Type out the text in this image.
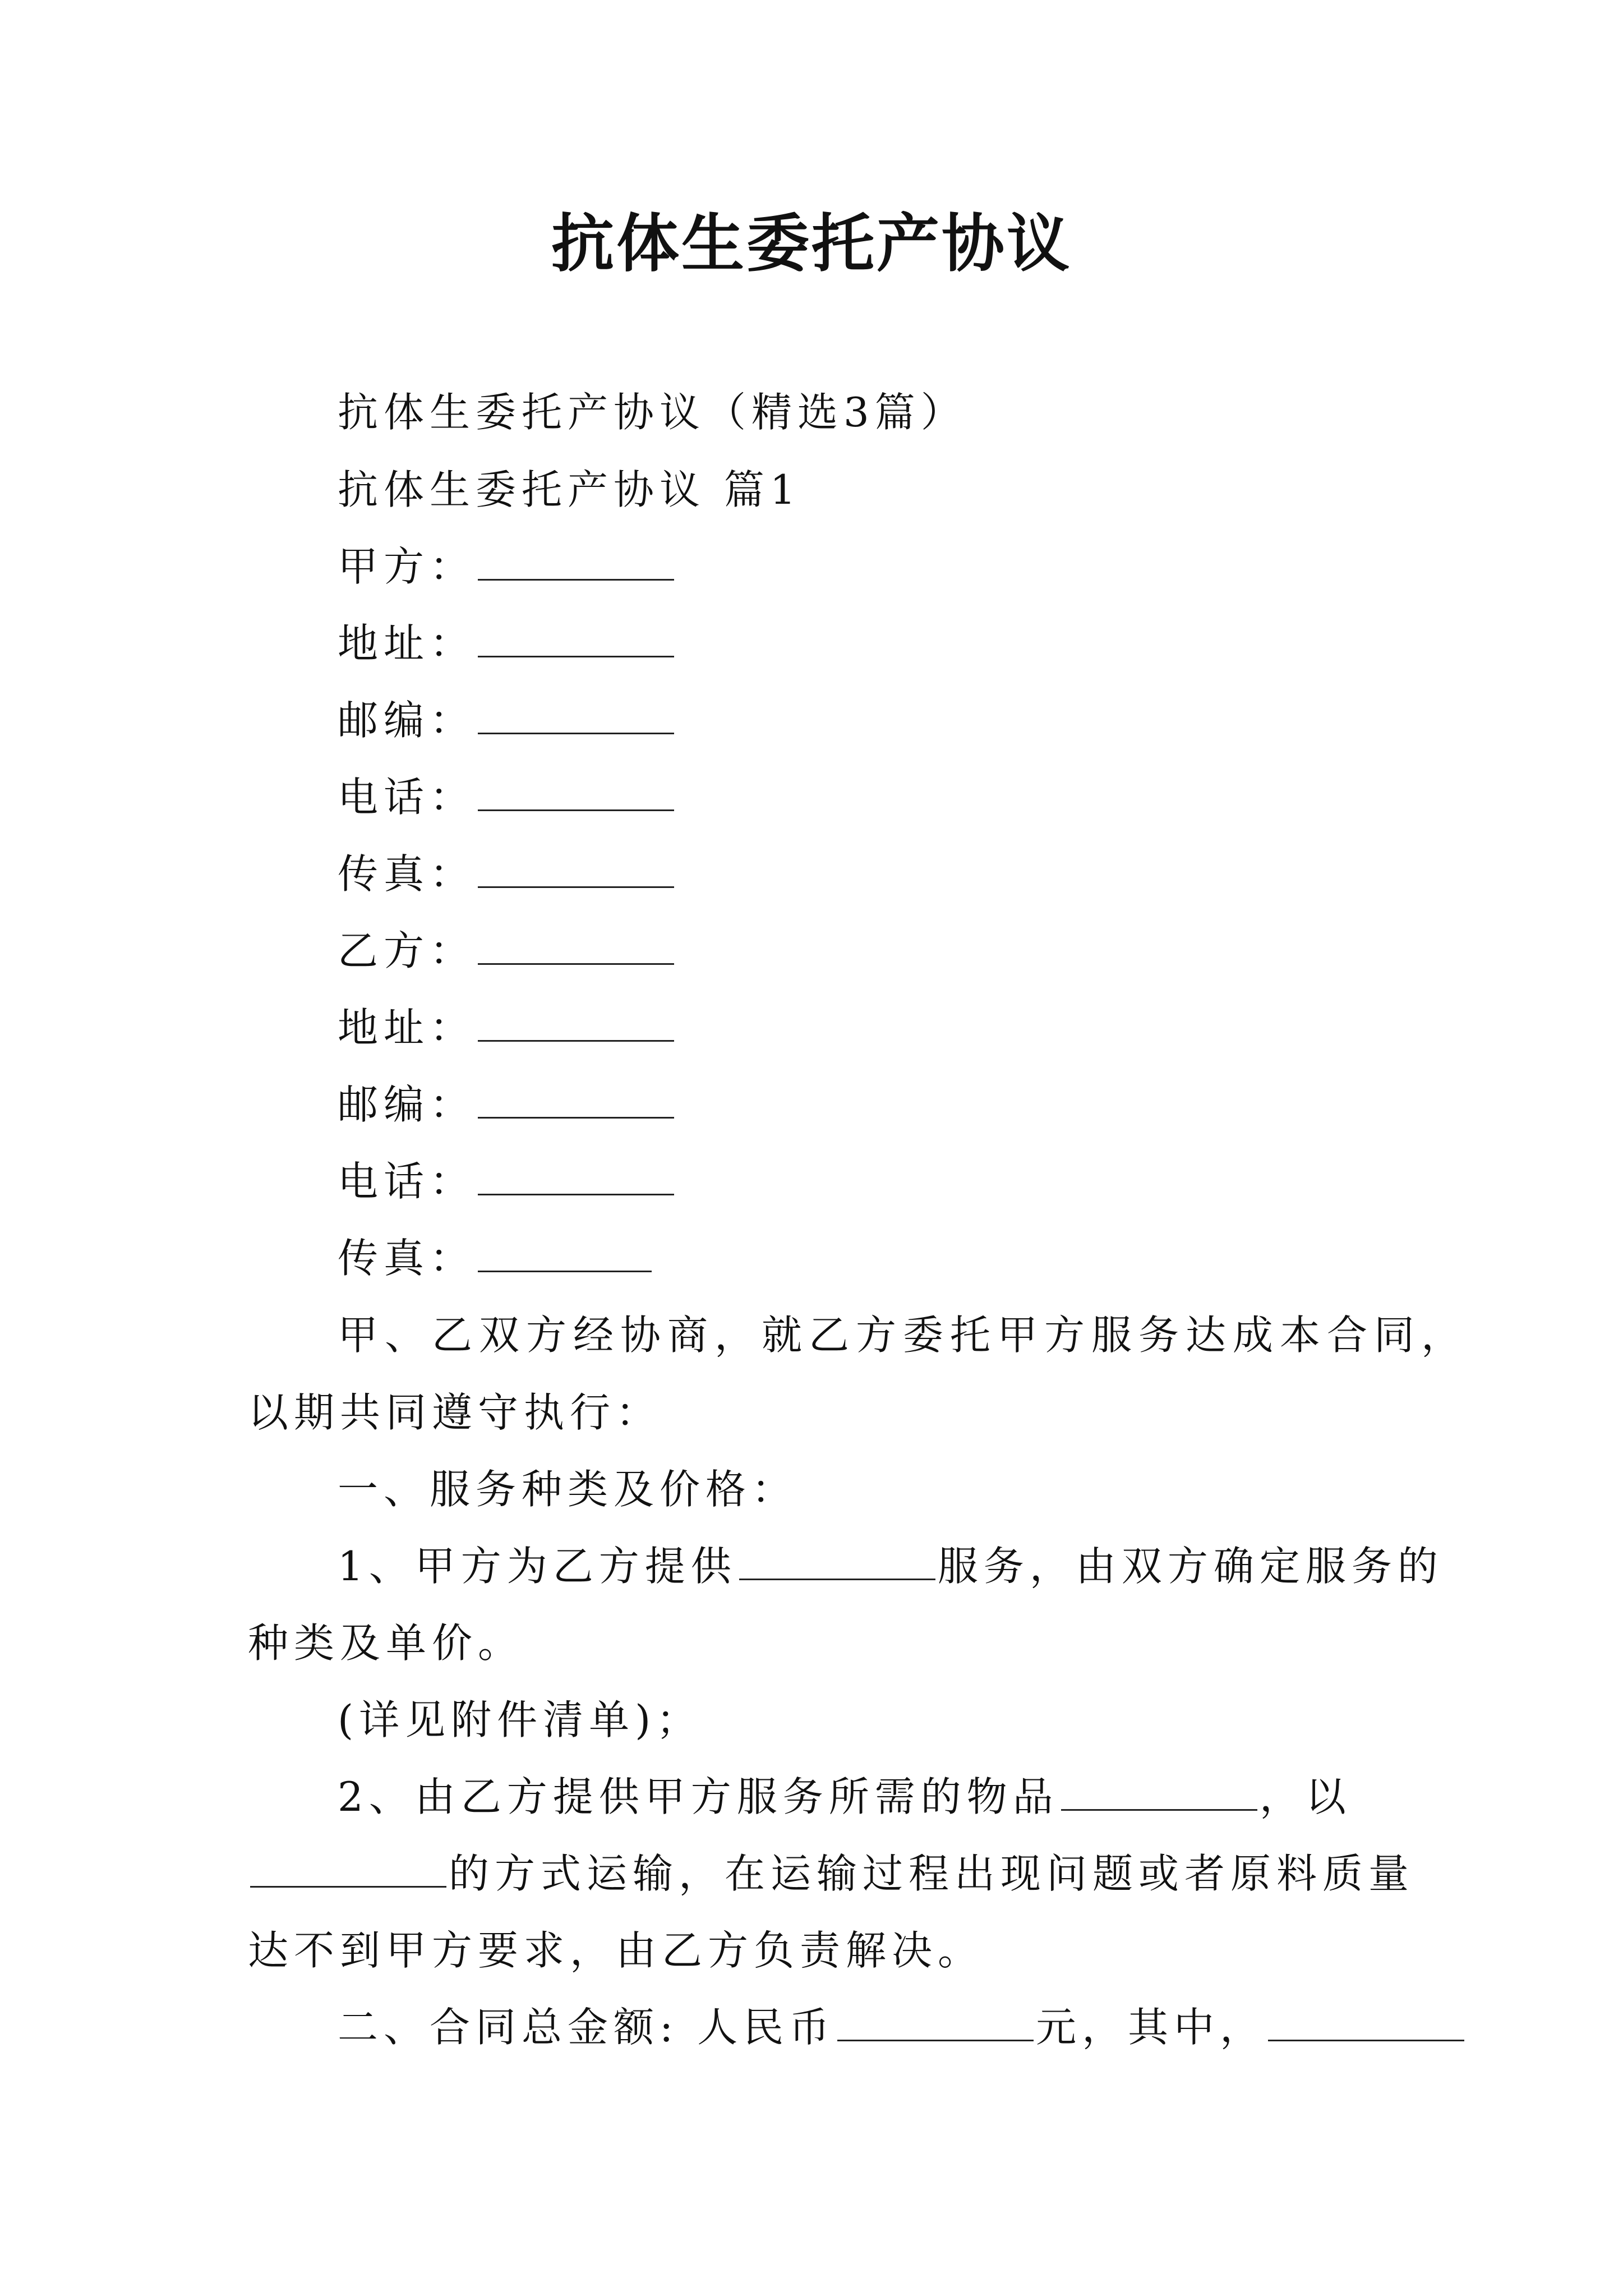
抗体生委托产协议
抗体生委托产协议（精选3篇）
抗体生委托产协议 篇1
甲方：
地址：
邮编：
电话：
传真：
乙方：
地址：
邮编：
电话：
传真：
甲、乙双方经协商，就乙方委托甲方服务达成本合同，
以期共同遵守执行：
一、服务种类及价格：
1、甲方为乙方提供	服务，由双方确定服务的
种类及单价。
(详见附件清单)；
2、由乙方提供甲方服务所需的物品	，以
的方式运输，在运输过程出现问题或者原料质量
达不到甲方要求，由乙方负责解决。
二、合同总金额: 人民币	元，其中，
